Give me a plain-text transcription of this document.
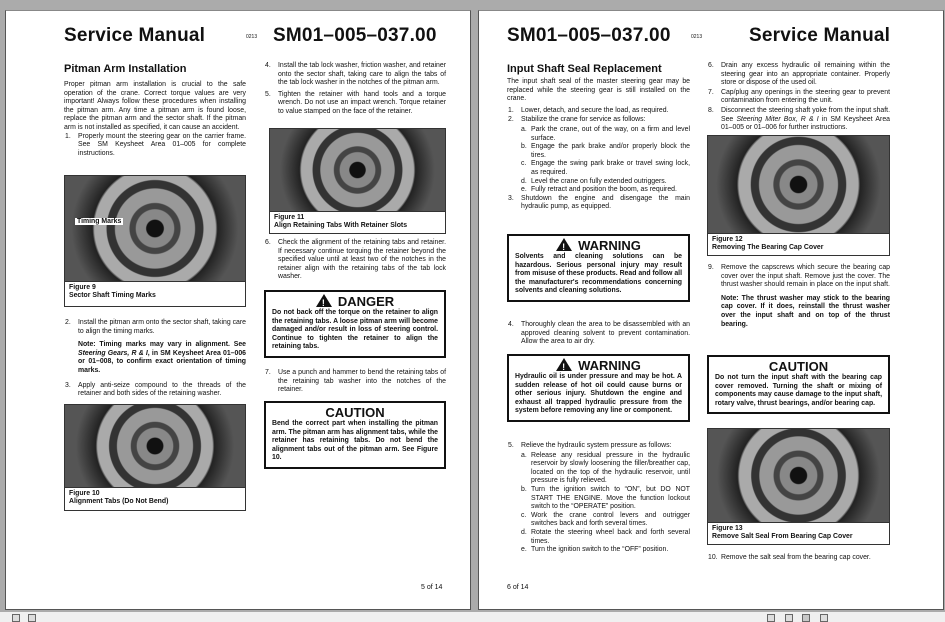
Service Manual	0213 SM01–005–037.00
Pitman Arm Installation
Proper pitman arm installation is crucial to the safe operation of the crane. Correct torque values are very important! Always follow these procedures when installing the pitman arm. Any time a pitman arm is found loose, replace the pitman arm and the sector shaft. If the pitman arm is not installed as specified, it can cause an accident.
1. Properly mount the steering gear on the carrier frame. See SM Keysheet Area 01–005 for complete instructions.
Timing Marks
Figure 9
Sector Shaft Timing Marks
2. Install the pitman arm onto the sector shaft, taking care to align the timing marks.
Note: Timing marks may vary in alignment. See Steering Gears, R & I, in SM Keysheet Area 01–006 or 01–008, to confirm exact orientation of timing marks.
3. Apply anti-seize compound to the threads of the retainer and both sides of the retaining washer.
Figure 10
Alignment Tabs (Do Not Bend)
4. Install the tab lock washer, friction washer, and retainer onto the sector shaft, taking care to align the tabs of the tab lock washer in the notches of the pitman arm.
5. Tighten the retainer with hand tools and a torque wrench. Do not use an impact wrench. Torque retainer to value stamped on the face of the retainer.
Figure 11
Align Retaining Tabs With Retainer Slots
6. Check the alignment of the retaining tabs and retainer. If necessary continue torquing the retainer beyond the specified value until at least two of the notches in the retainer align with the retaining tabs of the tab lock washer.
!DANGER
Do not back off the torque on the retainer to align the retaining tabs. A loose pitman arm will become damaged and/or result in loss of steering control. Continue to tighten the retainer to align the retaining tabs.
7. Use a punch and hammer to bend the retaining tabs of the retaining tab washer into the notches of the retainer.
CAUTION
Bend the correct part when installing the pitman arm. The pitman arm has alignment tabs, while the retainer has retaining tabs. Do not bend the alignment tabs out of the pitman arm. See Figure 10.
5 of 14
SM01–005–037.00	0213 Service Manual
Input Shaft Seal Replacement
The input shaft seal of the master steering gear may be replaced while the steering gear is still installed on the crane.
1. Lower, detach, and secure the load, as required.
2. Stabilize the crane for service as follows:
a. Park the crane, out of the way, on a firm and level surface.
b. Engage the park brake and/or properly block the tires.
c. Engage the swing park brake or travel swing lock, as required.
d. Level the crane on fully extended outriggers.
e. Fully retract and position the boom, as required.
3. Shutdown the engine and disengage the main hydraulic pump, as equipped.
!WARNING
Solvents and cleaning solutions can be hazardous. Serious personal injury may result from misuse of these products. Read and follow all the manufacturer's recommendations concerning solvents and cleaning solutions.
4. Thoroughly clean the area to be disassembled with an approved cleaning solvent to prevent contamination. Allow the area to air dry.
!WARNING
Hydraulic oil is under pressure and may be hot. A sudden release of hot oil could cause burns or other serious injury. Shutdown the engine and exhaust all trapped hydraulic pressure from the system before removing any line or component.
5. Relieve the hydraulic system pressure as follows:
a. Release any residual pressure in the hydraulic reservoir by slowly loosening the filler/breather cap, located on the top of the hydraulic reservoir, until pressure is fully relieved.
b. Turn the ignition switch to “ON”, but DO NOT START THE ENGINE. Move the function lockout switch to the “OPERATE” position.
c. Work the crane control levers and outrigger switches back and forth several times.
d. Rotate the steering wheel back and forth several times.
e. Turn the ignition switch to the “OFF” position.
6 of 14
6. Drain any excess hydraulic oil remaining within the steering gear into an appropriate container. Properly store or dispose of the used oil.
7. Cap/plug any openings in the steering gear to prevent contamination from entering the unit.
8. Disconnect the steering shaft yoke from the input shaft. See Steering Miter Box, R & I in SM Keysheet Area 01–005 or 01–006 for further instructions.
Figure 12
Removing The Bearing Cap Cover
9. Remove the capscrews which secure the bearing cap cover over the input shaft. Remove just the cover. The thrust washer should remain in place on the input shaft.
Note: The thrust washer may stick to the bearing cap cover. If it does, reinstall the thrust washer over the input shaft and on top of the thrust bearing.
CAUTION
Do not turn the input shaft with the bearing cap cover removed. Turning the shaft or mixing of components may cause damage to the input shaft, rotary valve, thrust bearings, and/or bearing cap.
Figure 13
Remove Salt Seal From Bearing Cap Cover
10. Remove the salt seal from the bearing cap cover.
